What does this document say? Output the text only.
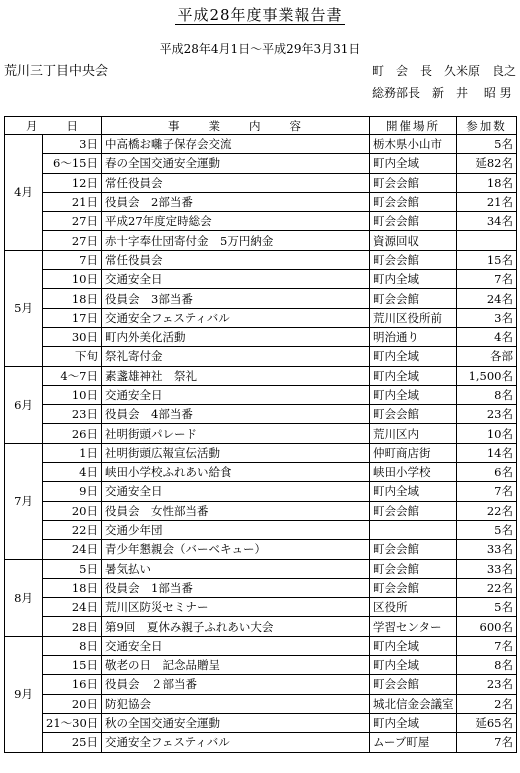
平成28年度事業報告書
平成28年4月1日～平成29年3月31日
荒川三丁目中央会	町　会　長　 久米原　良之
総務部長　 新　井　 昭 男
月　　日		事　　業　　内　　容	開催場所	参加数
4月	3日	中高橋お囃子保存会交流	栃木県小山市	5名
	6～15日	春の全国交通安全運動	町内全域	延82名
	12日	常任役員会	町会会館	18名
	21日	役員会　2部当番	町会会館	21名
	27日	平成27年度定時総会	町会会館	34名
	27日	赤十字奉仕団寄付金　5万円納金	資源回収	
5月	7日	常任役員会	町会会館	15名
	10日	交通安全日	町内全域	7名
	18日	役員会　3部当番	町会会館	24名
	17日	交通安全フェスティバル	荒川区役所前	3名
	30日	町内外美化活動	明治通り	4名
	下旬	祭礼寄付金	町内全域	各部
6月	4～7日	素盞雄神社　祭礼	町内全域	1,500名
	10日	交通安全日	町内全域	8名
	23日	役員会　4部当番	町会会館	23名
	26日	社明街頭パレード	荒川区内	10名
7月	1日	社明街頭広報宣伝活動	仲町商店街	14名
	4日	峡田小学校ふれあい給食	峡田小学校	6名
	9日	交通安全日	町内全域	7名
	20日	役員会　女性部当番	町会会館	22名
	22日	交通少年団		5名
	24日	青少年懇親会（バーベキュー）	町会会館	33名
8月	5日	暑気払い	町会会館	33名
	18日	役員会　1部当番	町会会館	22名
	24日	荒川区防災セミナー	区役所	5名
	28日	第9回　夏休み親子ふれあい大会	学習センター	600名
9月	8日	交通安全日	町内全域	7名
	15日	敬老の日　記念品贈呈	町内全域	8名
	16日	役員会　２部当番	町会会館	23名
	20日	防犯協会	城北信金会議室	2名
	21～30日	秋の全国交通安全運動	町内全域	延65名
	25日	交通安全フェスティバル	ムーブ町屋	7名
